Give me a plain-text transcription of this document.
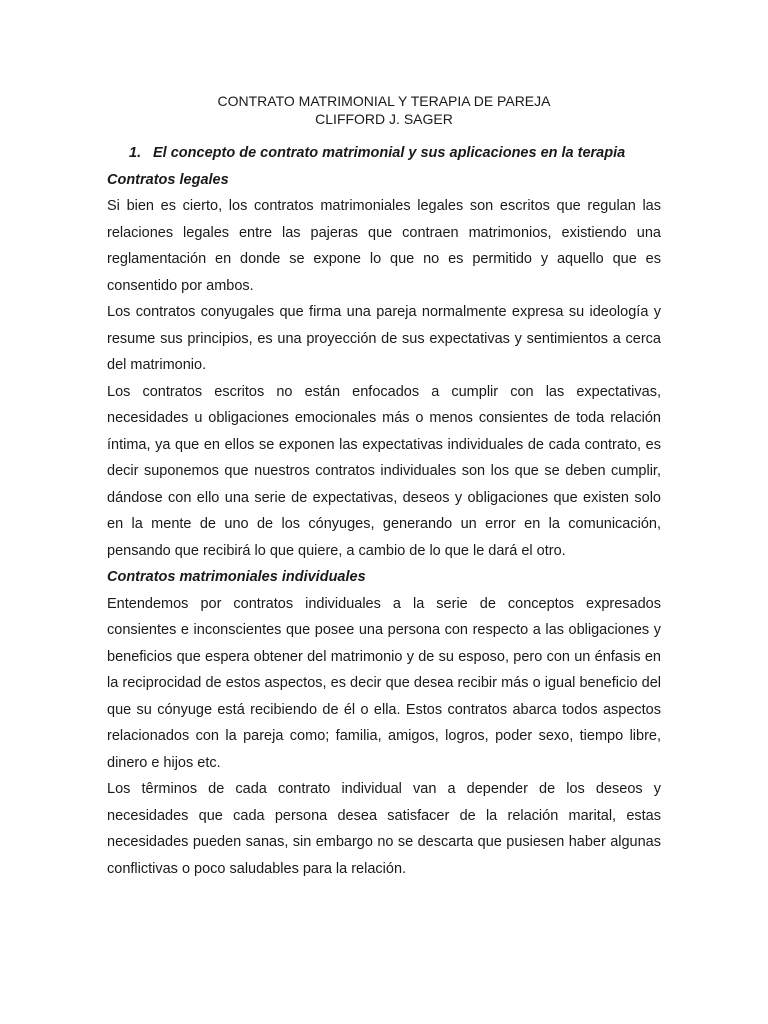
CONTRATO MATRIMONIAL Y TERAPIA DE PAREJA
CLIFFORD J. SAGER
1. El concepto de contrato matrimonial y sus aplicaciones en la terapia
Contratos legales

Si bien es cierto, los contratos matrimoniales legales son escritos que regulan las relaciones legales entre las pajeras que contraen matrimonios, existiendo una reglamentación en donde se expone lo que no es permitido y aquello que es consentido por ambos.

Los contratos conyugales que firma una pareja normalmente expresa su ideología y resume sus principios, es una proyección de sus expectativas y sentimientos a cerca del matrimonio.

Los contratos escritos no están enfocados a cumplir con las expectativas, necesidades u obligaciones emocionales más o menos consientes de toda relación íntima, ya que en ellos se exponen las expectativas individuales de cada contrato, es decir suponemos que nuestros contratos individuales son los que se deben cumplir, dándose con ello una serie de expectativas, deseos y obligaciones que existen solo en la mente de uno de los cónyuges, generando un error en la comunicación, pensando que recibirá lo que quiere, a cambio de lo que le dará el otro.

Contratos matrimoniales individuales

Entendemos por contratos individuales a la serie de conceptos expresados consientes e inconscientes que posee una persona con respecto a las obligaciones y beneficios que espera obtener del matrimonio y de su esposo, pero con un énfasis en la reciprocidad de estos aspectos, es decir que desea recibir más o igual beneficio del que su cónyuge está recibiendo de él o ella. Estos contratos abarca todos aspectos relacionados con la pareja como; familia, amigos, logros, poder sexo, tiempo libre, dinero e hijos etc.

Los têrminos de cada contrato individual van a depender de los deseos y necesidades que cada persona desea satisfacer de la relación marital, estas necesidades pueden sanas, sin embargo no se descarta que pusiesen haber algunas conflictivas o poco saludables para la relación.
